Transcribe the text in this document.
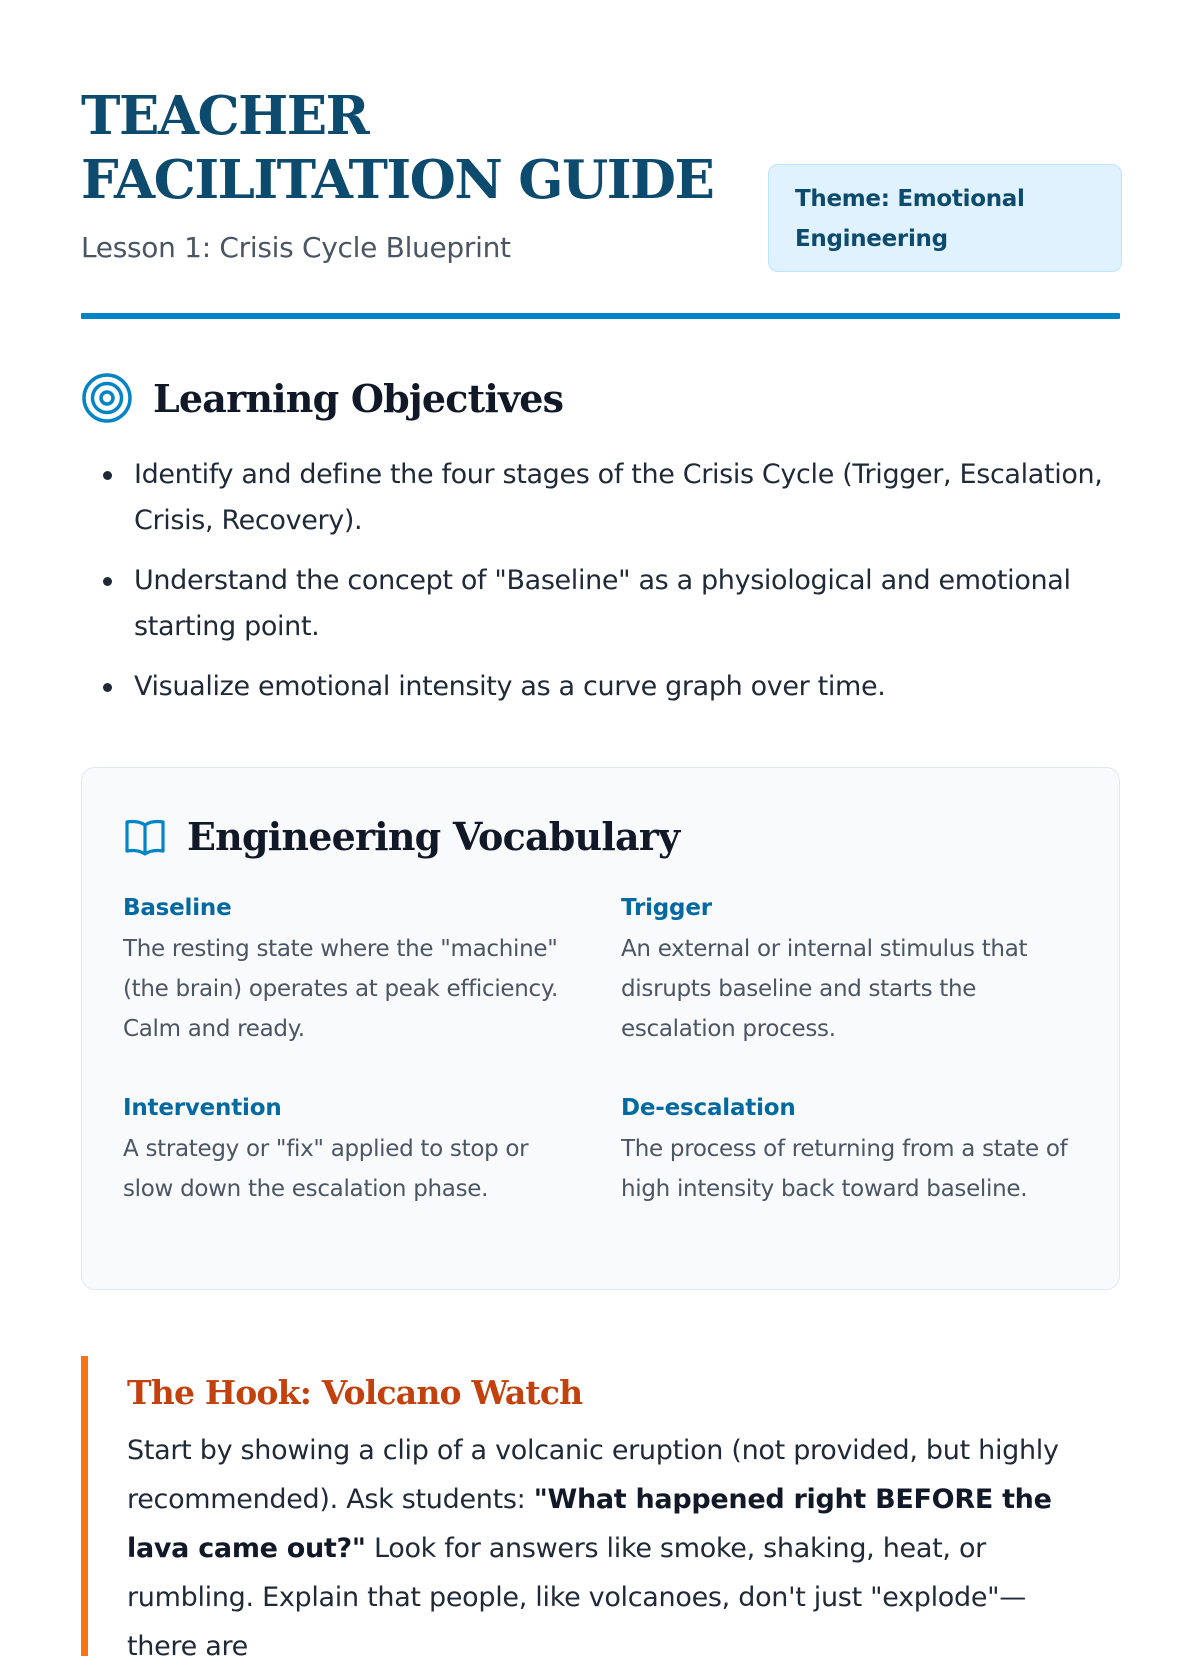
TEACHER
FACILITATION GUIDE
Lesson 1: Crisis Cycle Blueprint
Theme: Emotional
Engineering
Learning Objectives
Identify and define the four stages of the Crisis Cycle (Trigger, Escalation, Crisis, Recovery).
Understand the concept of "Baseline" as a physiological and emotional starting point.
Visualize emotional intensity as a curve graph over time.
Engineering Vocabulary
Baseline
The resting state where the "machine" (the brain) operates at peak efficiency. Calm and ready.
Trigger
An external or internal stimulus that disrupts baseline and starts the escalation process.
Intervention
A strategy or "fix" applied to stop or slow down the escalation phase.
De-escalation
The process of returning from a state of high intensity back toward baseline.
The Hook: Volcano Watch

Start by showing a clip of a volcanic eruption (not provided, but highly recommended). Ask students: "What happened right BEFORE the lava came out?" Look for answers like smoke, shaking, heat, or rumbling. Explain that people, like volcanoes, don't just "explode"—there are
